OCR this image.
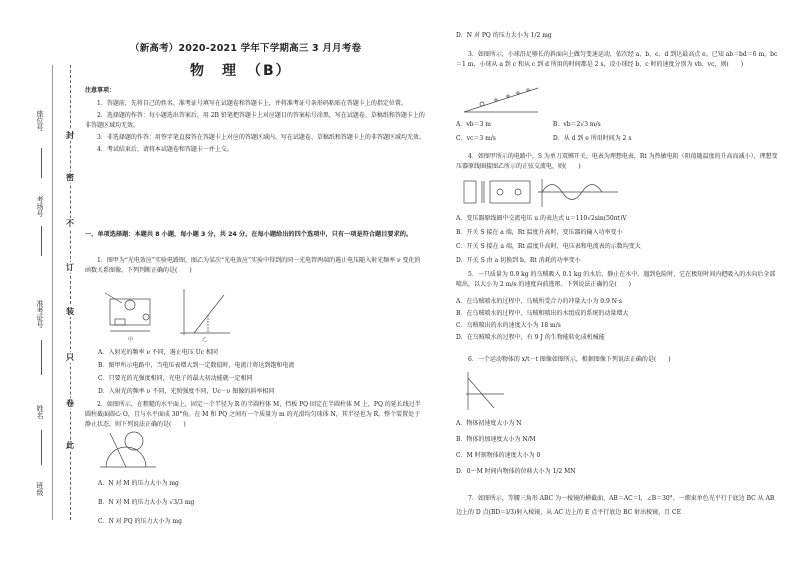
封
密
不
订
装
只
卷
此
座位号
考场号
准考证号
姓名
班级
（新高考）2020-2021 学年下学期高三 3 月月考卷
物　理　（B）
注意事项：
1．答题前，先将自己的姓名、准考证号填写在试题卷和答题卡上，并将准考证号条形码粘贴在答题卡上的指定位置。
2．选择题的作答：每小题选出答案后，用 2B 铅笔把答题卡上对应题目的答案标号涂黑，写在试题卷、草稿纸和答题卡上的非答题区域均无效。
3．非选择题的作答：用签字笔直接答在答题卡上对应的答题区域内。写在试题卷、草稿纸和答题卡上的非答题区域均无效。
4．考试结束后，请将本试题卷和答题卡一并上交。
一、单项选择题：本题共 8 小题，每小题 3 分，共 24 分。在每小题给出的四个选项中，只有一项是符合题目要求的。
1．图甲为“光电效应”实验电路图，图乙为某次“光电效应”实验中得到的同一光电管两端的遏止电压随入射光频率 ν 变化的函数关系图像。下列判断正确的是(　　)
甲	乙
A．入射光的频率 ν 不同，遏止电压 Uc 相同
B．图甲所示电路中，当电压表增大到一定数值时，电流计将达到饱和电流
C．只要光的光强度相同，光电子的最大初动能就一定相同
D．入射光的频率 ν 不同，光照强度不同，Uc－ν 图像的斜率相同
2．如图所示，在粗糙的水平面上，固定一个半径为 R 的半圆柱体 M，挡板 PQ 固定在半圆柱体 M 上，PQ 的延长线过半圆柱截面圆心 O，且与水平面成 30°角。在 M 和 PQ 之间有一个质量为 m 的光滑均匀球体 N，其半径也为 R。整个装置处于静止状态，则下列说法正确的是(　　)
A．N 对 M 的压力大小为 mg
B．N 对 M 的压力大小为 √3/3 mg
C．N 对 PQ 的压力大小为 mg
D．N 对 PQ 的压力大小为 1/2 mg
3．如图所示，小球沿足够长的斜面向上做匀变速运动，依次经 a、b、c、d 到达最高点 e。已知 ab＝bd＝6 m，bc＝1 m，小球从 a 到 c 和从 c 到 d 所用的时间都是 2 s，设小球经 b、c 时的速度分别为 vb、vc，则(　　)
A．vb＝3 m	B．vb＝2√3 m/s
C．vc＝3 m/s	D．从 d 到 e 所用时间为 2 s
4．如图甲所示的电路中，S 为单刀双掷开关，电表为理想电表，Rt 为热敏电阻（阻值随温度的升高而减小），理想变压器原线圈接图乙所示的正弦交流电，则(　　)
A．变压器原线圈中交流电压 u 的表达式 u＝110√2sin(50πt)V
B．开关 S 接在 a 端，Rt 温度升高时，变压器的输入功率变小
C．开关 S 接在 a 端，Rt 温度升高时，电压表和电流表的示数均变大
D．开关 S 由 a 切换到 b，Rt 消耗的功率变小
5．一只质量为 0.9 kg 的乌贼吸入 0.1 kg 的水后，静止在水中。遇到危险时，它在极短时间内把吸入的水向后全部喷出，以大小为 2 m/s 的速度向前逃窜。下列说法正确的是(　　)
A．在乌贼喷水的过程中，乌贼所受合力的冲量大小为 0.9 N·s
B．在乌贼喷水的过程中，乌贼和喷出的水组成的系统的动量增大
C．乌贼喷出的水的速度大小为 18 m/s
D．在乌贼喷水的过程中，有 9 J 的生物能转化成机械能
6．一个运动物体的 x/t－t 图像如图所示，根据图像下列说法正确的是(　　)
A．物体初速度大小为 N
B．物体的加速度大小为 N/M
C．M 时刻物体的速度大小为 0
D．0～M 时间内物体的位移大小为 1/2 MN
7．如图所示，等腰三角形 ABC 为一棱镜的横截面，AB＝AC＝l，∠B＝30°。一细束单色光平行于底边 BC 从 AB 边上的 D 点(BD＝l/3)射入棱镜，从 AC 边上的 E 点平行底边 BC 射出棱镜，且 CE
